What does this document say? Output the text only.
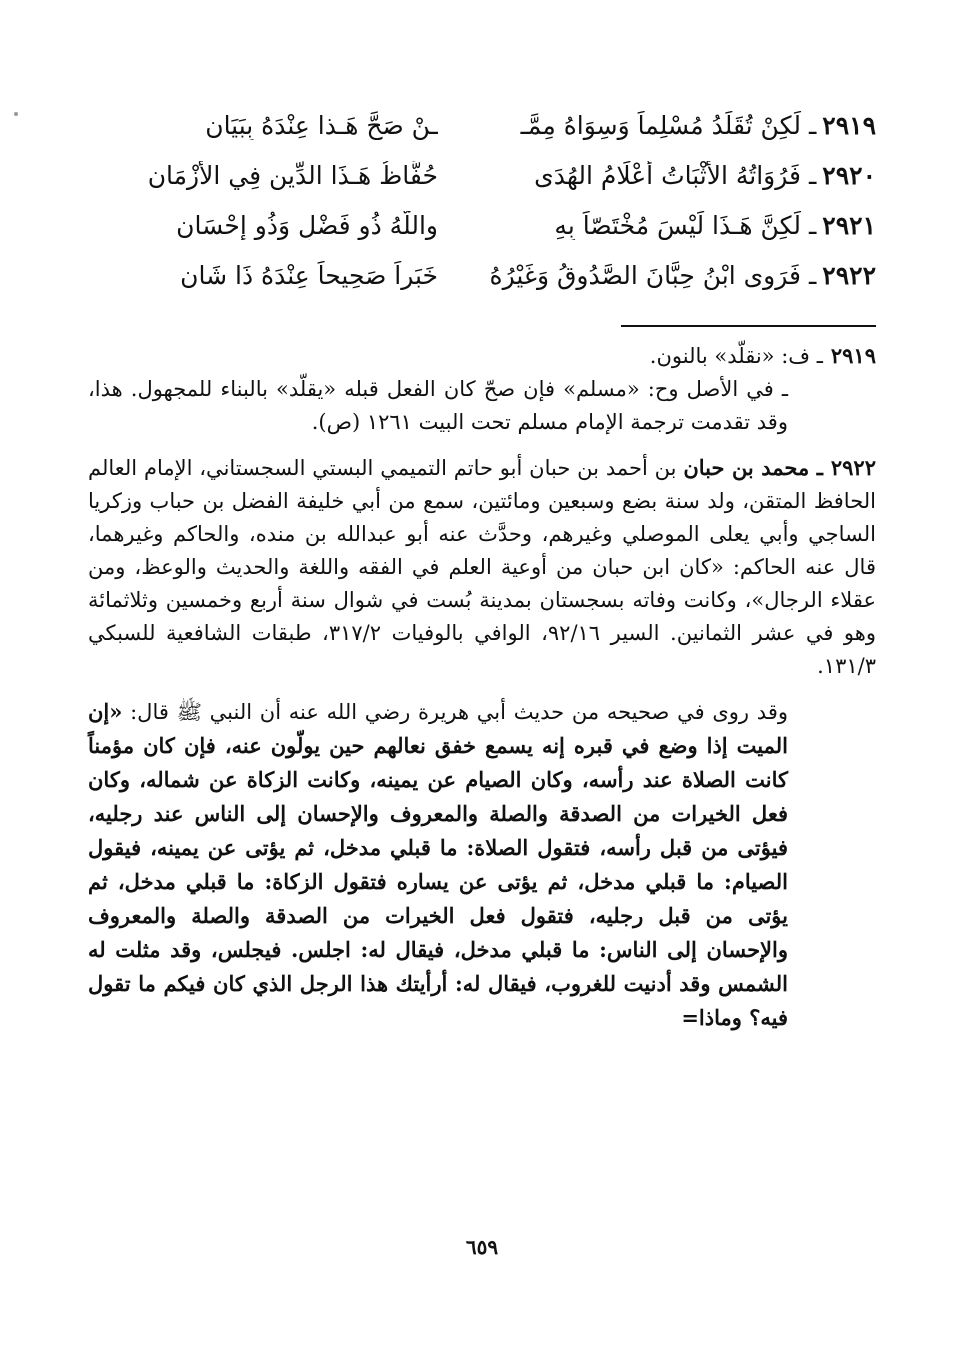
٢٩١٩ـ لَكِنْ تُقَلِّدُ مُسْلِماً وَسِوَاهُ مِمَّـ
ـنْ صَحَّ هَـذا عِنْدَهُ بِبَيَانِ
٢٩٢٠ـ فَرُوَاتُهُ الأَثْبَاتُ أَعْلَامُ الهُدَى
حُفَّاظُ هَـذَا الدِّينِ فِي الأَزْمَانِ
٢٩٢١ـ لَكِنَّ هَـذَا لَيْسَ مُخْتَصّاً بِهِ
واللَّهُ ذُو فَضْلٍ وَذُو إِحْسَانِ
٢٩٢٢ـ فَرَوى ابْنُ حِبَّانَ الصَّدُوقُ وَغَيْرُهُ
خَبَراً صَحِيحاً عِنْدَهُ ذَا شَانِ
٢٩١٩ـ ف: «نقلّد» بالنون.
ـ في الأصل وح: «مسلم» فإن صحّ كان الفعل قبله «يقلّد» بالبناء للمجهول. هذا، وقد تقدمت ترجمة الإمام مسلم تحت البيت ١٢٦١ (ص).
٢٩٢٢ـ محمد بن حبان بن أحمد بن حبان أبو حاتم التميمي البستي السجستاني، الإمام العالم الحافظ المتقن، ولد سنة بضع وسبعين ومائتين، سمع من أبي خليفة الفضل بن حباب وزكريا الساجي وأبي يعلى الموصلي وغيرهم، وحدَّث عنه أبو عبدالله بن منده، والحاكم وغيرهما، قال عنه الحاكم: «كان ابن حبان من أوعية العلم في الفقه واللغة والحديث والوعظ، ومن عقلاء الرجال»، وكانت وفاته بسجستان بمدينة بُست في شوال سنة أربع وخمسين وثلاثمائة وهو في عشر الثمانين. السير ٩٢/١٦، الوافي بالوفيات ٣١٧/٢، طبقات الشافعية للسبكي ١٣١/٣.
وقد روى في صحيحه من حديث أبي هريرة رضي الله عنه أن النبي ﷺ قال: «إن الميت إذا وضع في قبره إنه يسمع خفق نعالهم حين يولّون عنه، فإن كان مؤمناً كانت الصلاة عند رأسه، وكان الصيام عن يمينه، وكانت الزكاة عن شماله، وكان فعل الخيرات من الصدقة والصلة والمعروف والإحسان إلى الناس عند رجليه، فيؤتى من قبل رأسه، فتقول الصلاة: ما قبلي مدخل، ثم يؤتى عن يمينه، فيقول الصيام: ما قبلي مدخل، ثم يؤتى عن يساره فتقول الزكاة: ما قبلي مدخل، ثم يؤتى من قبل رجليه، فتقول فعل الخيرات من الصدقة والصلة والمعروف والإحسان إلى الناس: ما قبلي مدخل، فيقال له: اجلس. فيجلس، وقد مثلت له الشمس وقد أدنيت للغروب، فيقال له: أرأيتك هذا الرجل الذي كان فيكم ما تقول فيه؟ وماذا=
٦٥٩
